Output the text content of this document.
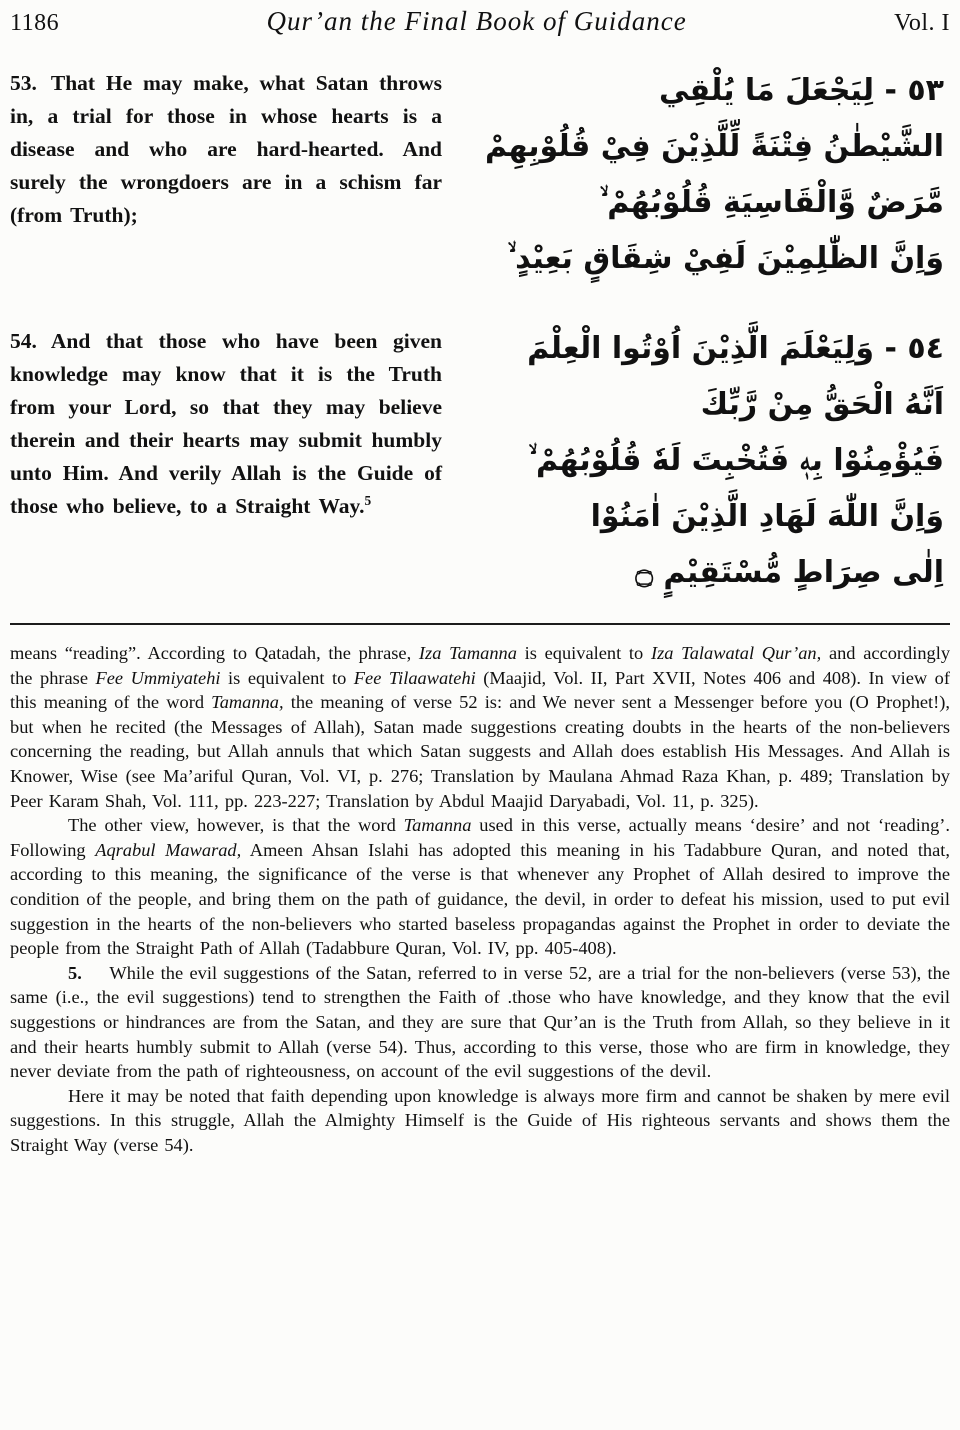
1186	Qur’an the Final Book of Guidance	Vol. I

53. That He may make, what Satan throws in, a trial for those in whose hearts is a disease and who are hard-hearted. And surely the wrongdoers are in a schism far (from Truth);

٥٣ - لِيَجْعَلَ مَا يُلْقِي
الشَّيْطٰنُ فِتْنَةً لِّلَّذِيْنَ فِيْ قُلُوْبِهِمْ
مَّرَضٌ وَّالْقَاسِيَةِ قُلُوْبُهُمْ ۙ
وَاِنَّ الظّٰلِمِيْنَ لَفِيْ شِقَاقٍ بَعِيْدٍ ۙ

54. And that those who have been given knowledge may know that it is the Truth from your Lord, so that they may believe therein and their hearts may submit humbly unto Him. And verily Allah is the Guide of those who believe, to a Straight Way.$^5$

٥٤ - وَلِيَعْلَمَ الَّذِيْنَ اُوْتُوا الْعِلْمَ
اَنَّهُ الْحَقُّ مِنْ رَّبِّكَ
فَيُؤْمِنُوْا بِهٖ فَتُخْبِتَ لَهٗ قُلُوْبُهُمْ ۙ
وَاِنَّ اللّٰهَ لَهَادِ الَّذِيْنَ اٰمَنُوْا
اِلٰى صِرَاطٍ مُّسْتَقِيْمٍ ۝

means “reading”. According to Qatadah, the phrase, Iza Tamanna is equivalent to Iza Talawatal Qur’an, and accordingly the phrase Fee Ummiyatehi is equivalent to Fee Tilaawatehi (Maajid, Vol. II, Part XVII, Notes 406 and 408). In view of this meaning of the word Tamanna, the meaning of verse 52 is: and We never sent a Messenger before you (O Prophet!), but when he recited (the Messages of Allah), Satan made suggestions creating doubts in the hearts of the non-believers concerning the reading, but Allah annuls that which Satan suggests and Allah does establish His Messages. And Allah is Knower, Wise (see Ma’ariful Quran, Vol. VI, p. 276; Translation by Maulana Ahmad Raza Khan, p. 489; Translation by Peer Karam Shah, Vol. 111, pp. 223-227; Translation by Abdul Maajid Daryabadi, Vol. 11, p. 325).

The other view, however, is that the word Tamanna used in this verse, actually means ‘desire’ and not ‘reading’. Following Aqrabul Mawarad, Ameen Ahsan Islahi has adopted this meaning in his Tadabbure Quran, and noted that, according to this meaning, the significance of the verse is that whenever any Prophet of Allah desired to improve the condition of the people, and bring them on the path of guidance, the devil, in order to defeat his mission, used to put evil suggestion in the hearts of the non-believers who started baseless propagandas against the Prophet in order to deviate the people from the Straight Path of Allah (Tadabbure Quran, Vol. IV, pp. 405-408).

5.  While the evil suggestions of the Satan, referred to in verse 52, are a trial for the non-believers (verse 53), the same (i.e., the evil suggestions) tend to strengthen the Faith of .those who have knowledge, and they know that the evil suggestions or hindrances are from the Satan, and they are sure that Qur’an is the Truth from Allah, so they believe in it and their hearts humbly submit to Allah (verse 54). Thus, according to this verse, those who are firm in knowledge, they never deviate from the path of righteousness, on account of the evil suggestions of the devil.

Here it may be noted that faith depending upon knowledge is always more firm and cannot be shaken by mere evil suggestions. In this struggle, Allah the Almighty Himself is the Guide of His righteous servants and shows them the Straight Way (verse 54).
